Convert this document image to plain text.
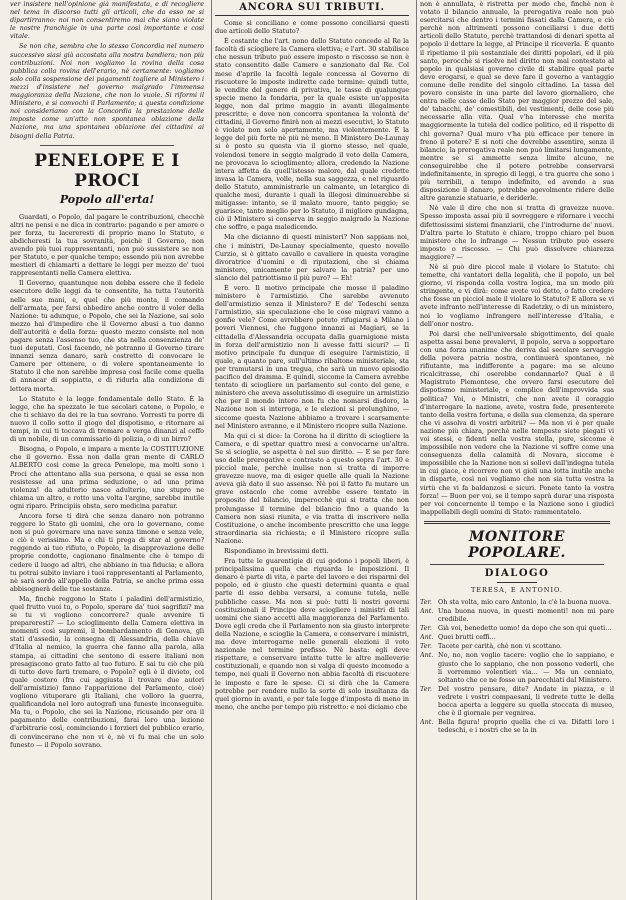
ver insistere nell'opinione già manifestata, e di recogliere nel tema in discorso tutti gli articoli, che da esso ne si dipartirranno: noi non consentiremo mai che siano violate le nostre franchigie in una parte così importante e così vitale.

Se non che, sembra che lo stesso Concordia nel numero successivo siasi già accostata alla nostra bandiera; non più contribuzioni. Noi non vogliamo la rovina della cosa pubblica colla rovina dell'erario, nè certamente: vogliamo solo colla sospensione dei pagamenti togliere al Ministero i mezzi d'insistere nel governo malgrado l'immensa maggioranza della Nazione, che non lo vuole. Si riformi il Ministero, e si convochi il Parlamento; a questa condizione noi consideriamo con la Concordia la prestazione delle imposte come un'atto non spontanea oblazione della Nazione, ma una spontanea oblazione dei cittadini ai bisogni della Patria.

PENELOPE E I PROCI
Popolo all'erta!

Guardati, o Popolo, dal pagare le contribuzioni, checchè altri ne pensi e ne dica in contrario: pagando e per amore o per forza, tu lacereresti di proprio mano lo Statuto, e abdicheresti la tua sovranità, poichè il Governo, non avendo più tuoi rappresentanti, non può sussistere se non per Statuto, e per qualche tempo; essendo più non avrebbe mestieri di chiamarti a dettare le leggi per mezzo de' tuoi rappresentanti nella Camera elettiva.

Il Governo, quantunque non debba essere che il fedele esecutore delle leggi da te consentite, ha tutta l'autorità nelle sue mani, e, quel che più monta, il comando dell'armata, per farsi obbedire anche contro il voler della Nazione: tu adunque, o Popolo, che sei la Nazione, sai solo mezzo hai d'impedire che il Governo abusi a tuo danno dell'autorità e della forza: questo mezzo consiste nel non pagare senza l'assenso tuo, che sta nella consenzienza de' tuoi deputati. Così facendo, nè potranno il Governo tirare innanzi senza danaro, sarà costretto di convocare le Camere per ottenere, o di volere spontaneamente lo Statuto il che non sarebbe impresa così facile come quella di annacar di soppiatto, e di ridurla alla condizione di lettera morta.

Lo Statuto è la legge fondamentale dello Stato. È la legge, che ha spezzato le tue secolari catene, o Popolo, e che ti schiavo da dei re la tua sovrano. Vorresti tu porre di nuovo il collo sotto il giogo del dispotismo, e ritornare ai tempi, in cui ti toccava di tremare a verga dinanzi al ceffo di un nobile, di un commissario di polizia, o di un birro?

Bisogna, o Popolo, e impara a mente la COSTITUZIONE che il governo. Essa non dalla gran mente di CARLO ALBERTO così come la greca Penelope, ma molti sono i Proci che attentano alla sua persona, e quai se essa non resistesse ad una prima seduzione, o ad una prima violenza! da adulterio nasce adulterio, uno stupro ne chiama un altro, e rotto una volta l'argine, sarebbe inutile ogni riparo. Principiis obsta, sero medicina paratur.

Ancora forse ti dirà che senza danaro non potranno reggere lo Stato gli uomini, che ora lo governano, come non si può governare una nave senza timone e senza vele, e ciò è verissimo. Ma e chi ti prega di star al governo? reggendo ai tuo rifiuto, o Popolo, la disapprovazione delle proprie condotte, cagionano finalmente che è tempo di cedere il luogo ad altri, che abbiano in tua fiducia; e allora tu potrai subito inviare i tuoi rappresentanti al Parlamento, nè sarà sordo all'appello della Patria, se anche prima essa abbisognerà delle tue sostanze.

Ma, finchè reggono lo Stato i paladini dell'armistizio, quel frutto vuoi tu, o Popolo, sperare da' tuoi sagrifizi? ma se tu vi vogliono concorrere? quale avvenire ti prepareresti? — Lo scioglimento della Camera elettiva in momenti così supremi, il bombardamento di Genova, gli stati d'assedio, la consegna di Alessandria, della chiave d'Italia al nemico, la guerra che fanno alla parola, alla stampa, ai cittadini che sentono di essere italiani non presagiscono grato fatto al tuo futuro. E sai tu ciò che più di tutto deve farti tremare, o Popolo? egli è il divieto, col quale costoro (fra cui aggiusta il trovare due autori dell'armistizio) fanno l'apparizione del Parlamento, cioè) vogliono vituperare gli Italiani, che volloro la guerra, qualificandola nel loro autografi una funeste inconseguite. Ma tu, o Popolo, che sei la Nazione, ricusando per ora il pagamento delle contribuzioni, farai loro una lezione d'arbitrarie così, cominciando i forzieri del pubblico erario, di convincerano che non vi è, nè vi fu mai che un solo funesto — il Popolo sovrano.

ANCORA SUI TRIBUTI.

Come si conciliano e come possono conciliarsi questi due articoli dello Statuto?

È costante che l'art. nono dello Statuto concede al Re la facoltà di sciogliere la Camera elettiva; e l'art. 30 stabilisce che nessun tributo può essere imposto o riscosso se non è stato consentito dalle Camere e sanzionato dal Re. Col mese d'aprile la facoltà legale concessa al Governo di riscuotere le imposte indirette cade termine: quindi tutte, le vendite del genere di privativa, le tasse di qualunque specie meno la fondaria, per la quale esiste un'apposita legge, non dal primo maggio in avanti illegalmente prescritte; e dove non concorra spontanea la volontà de' cittadini, il Governo finirà non ai mezzi esecutivi, lo Statuto è violato non solo apertamente, ma violentemente. È la legge del più forte nè più nè meno. Il Ministero De-Launay si è posto su questa via il giorno stesso, nel quale, volendosi tenere in seggio malgrado il voto della Camera, ne provocava lo scioglimento; allora, credendo la Nazione intera affetta da quell'istesso malore, dal quale credette invasa la Camera, volle, nella sua saggezza, e nel riguardo dello Statuto, amministrarle un calmante, un letargico di qualche mesi, durante i quali la illegosi diminuerebbe si mitigasse: intanto, se il malato muore, tanto peggio; se guarisce, tanto meglio per lo Statuto, il migliore gundagna, ciò il Ministero si conserva in seggio malgrado la Nazione che soffre, e paga maledicendo.

Ma che dicianno di questi ministeri? Non sappiam noi, che i ministri, De-Launay specialmente, questo novello Curzio, si è gittato cavallo e cavaliere in questa voragine divoratrice d'uomini e di riputazioni, che si chiama ministero, unicamente per salvare la patria? per uno slancio del patriottismo il più puro? — Eh!

È vero. Il motivo principale che mosse il paladino ministero è l'armistizio. Che sarebbe avvenuto dell'armistizio senza il Ministero? E de' Tedeschi senza l'armistizio, sia speculazione che le cose migravi vanno a gonfie vele? Come avrebbero potuto rifugiarsi a Milano i poveri Viennesi, che fuggono innanzi ai Magiari, se la cittadella d'Alessandria occupata dalla guarnigione mista in forza dell'armistizio non li avesse fatti sicuri? — Il motivo principale fu dunque di eseguire l'armistizio, il quale, a quanto pare, sull'ultimo ribaltone ministeriale, sta per tramutarsi in una tregua, che sarà un nuovo episodio pacifico del dramma. E quindi, siccome la Camera avrebbe tentato di sciogliere un parlamento sul conto del gene, e ministero che aveva assolutissimo di eseguire un armistizio che per il mondo intero non fu che nomarsi disdoro, la Nazione non si interroga, e le elezioni si prolunghino, — siccome questa Nazione abbiamo a trovare i scarsamente nel Ministero avranno, e il Ministero ricopre sulla Nazione.

Ma qui ci si dice: la Corona ha il diritto di sciogliere la Camera, e di spettar quattro mesi a convocarne un'altra. Se si scioglie, se aspetta è nel suo diritto. — E se per fare uso delle prerogative e contrasto a questo sopra l'art. 30 e picciol male, perchè inulise non si tratta di imporre gravezze nuove, ma di esiger quelle alle quali la Nazione aveva già dato il suo assenso. Nè poi il fatto fu mutare un grave ostacolo che come avrebbe essere tentato in proposito del bilancio, imperocchè qui si tratta che non prolungasse il termine del bilancio fino a quando la Camera non siasi riunita, e via tratta di inscrivere nella Costituzione, o anche incombente prescritto che una legge straordinaria sia richiesta; e il Ministero ricopre sulla Nazione.

Rispondiamo in brevissimi detti.

Fra tutte le guarentigie di cui godono i popoli liberi, è principalissima quella che riguarda le imposizioni. Il denaro è parte di vita, è parte del lavoro e dei risparmi del popolo, ed è giusto che questi determini quanta e qual parte di esso debba versarsi, a comune tutela, nelle pubbliche casse. Ma non si può: tutti li nostri governi costituzionali il Principe deve sciogliere i ministri di tali uomini che siano accetti alla maggioranza del Parlamento. Dove egli creda che il Parlamento non sia giusto interprete della Nazione, e scioglie la Camera, e conservare i ministri, ma deve interrogarne nelle generali elezioni il voto nazionale nel termine prefisso. Nè basta: egli deve rispettare, e conservare intatte tutte le altre malleverie costituzionali, e quando non si valga di questo incomodo a tempo, nei quali il Governo non abbia facoltà di riscuotere le imposte e fare le spese. Ci si dirà che la Camera potrebbe per rendere nullo la sorte di solo insultanza da quel giorno in avanti, e per tale legge d'imposta di meno in meno, che anche per tempo più ristretto: e noi diciamo che

non è annullata, è ristretta per modo che, finchè non è votato il bilancio annuale, la prerogativa reale non può esercitarsi che dentro i termini fissati dalla Camera, e ciò perchè non altrimenti possono conciliarsi i due detti articoli dello Statuto, perchè trattandosi di denari spetta al popolo il dettare la legge, al Principe il riceverla. È quanto il ripetiamo il più sostanziale dei diritti popolari, ed il più santo, perocchè si risolve nel diritto non mai contestato al popolo in qualsiasi governo civile di stabilire qual parte deve erogarsi, e qual se deve fare il governo a vantaggio comune delle rendite del singolo cittadino. La tassa del povero consiste in una parte del lavoro giornaliero, che entra nelle casse dello Stato per maggior prezzo del sale, de' tabacchi, de' comestibili, dei vestimenti, delle cose più necessarie alla vita. Qual v'ha interesse che merita maggiormente la tutela del codice politico, ed il rispetto di chi governa? Qual muro v'ha più efficace per tenere in freno il potere? E si noti che dovrebbe assentire, senza il bilancio, la prerogativa reale non può limitarsi lungamente, mentre se si ammette senza limite alcuno, ne conseguirebbe che il potere potrebbe conservarsi indefinitamente, in spregio di leggi, e tra guerre che sono i più terribili, a tempo indefinito, ed avendo a sua disposizione il danaro, potrebbe agevolmente ridere delle altre garanzie statuarie, e deriderle.

Nè vale il dire che non si tratta di gravezze nuove. Spesso imposta assai più il sovreggere e rifornare i vecchi difettosissimi sistemi finanziarii, che l'introdurne de' nuovi. D'altra parte lo Statuto è chiaro, troppo chiaro pel buon ministero che lo infrange — Nessun tributo può essere imposto o riscosso. — Chi può dissolvere chiarezza maggiore? —

Nè si può dire piccol male il violare lo Statuto: chi temette, chi vantatori della legalità, che il popolo, un bel giorno, vi risponda colla vostra logica, ma un modo più stringente, e vi dirà: come avete voi detto, o fatto credere che fosse un picciol male il violare lo Statuto? E allora se vi avete infranto nell'interesse di Radetzky, o di un ministero, noi lo vogliamo infrangere nell'interesse d'Italia, e dell'onor nostro.

Poi darsi che nell'universale sbigottimento, del quale aspetta assai bene prevalervi, il popolo, serva a sopportare con una forza unanime che deriva dal secolare servaggio della povera patria nostra, continuerà spontaneo, nè rifiutante, ma indifferente a pagare: ma se alcuno ricalcitrasse, chi oserebbe condannarlo? Qual è il Magistrato Piemontese, che ovvero farsi esecutore del dispotismo ministeriale, e complice dell'improvvida sua politica? Voi, o Ministri, che non avete il coraggio d'interrogare la nazione, avete, vostra fede, presenterete tanto della vostra fortuna, e della sua clemenza, da sperare che vi assolva di vostri arbitrii? — Ma non vi è per quale nazione più chiara, perchè nelle tempeste siete piegati vi voi stessi, e fidenti nella vostra stella, pure, siccome è impossibile non vedere che la Nazione vi soffre come una conseguenza della calamità di Novara, siccome è impossibile che la Nazione non si sollevi dall'indegna tutela in cui giace, è ricorrere non vi gioli una lotta inutile anche in disparte, così noi vogliamo che non sia tutta vostra la virtù che vi fa baldanzosi e sicuri. Ponete tanto la vostra forza! — Buon per voi, se il tempo saprà durar una risposta per voi concernente il tempo e la Nazione sono i giudici inappellabili degli uomini di Stato: rammentatelo.

MONITORE POPOLARE.
DIALOGO
TERESA, E ANTONIO.
Ter. Oh sta volta, mio caro Antonio, la c'è la buona nuova.
Ant. Una buona nuova, in questi momenti! non mi pare credibile.
Ter. Già voi, benedetto uomo! da dopo che son qui queti...
Ant. Quei brutti ceffi...
Ter. Tacete per carità, chè non vi scottano.
Ant. No, no, non voglio tacere: voglio che lo sappiano, e giusto che lo sappiano, che non possono vederli, che li vorremmo volentieri via... — Ma un cenniato, soltanto che ce ne fosse un parecchiati dal Ministero.
Ter. Del vostro pensare, dite? Andate in piazza, e il vedrete i vostri compaesani, li vedrete tutte le della bocca aperta a leggere su quella stoccata di museo, che è il giornale per vegnirea.
Ant. Bella figura! proprio quella che ci va. Difatti loro i tedeschi, e i nostri che se la in
